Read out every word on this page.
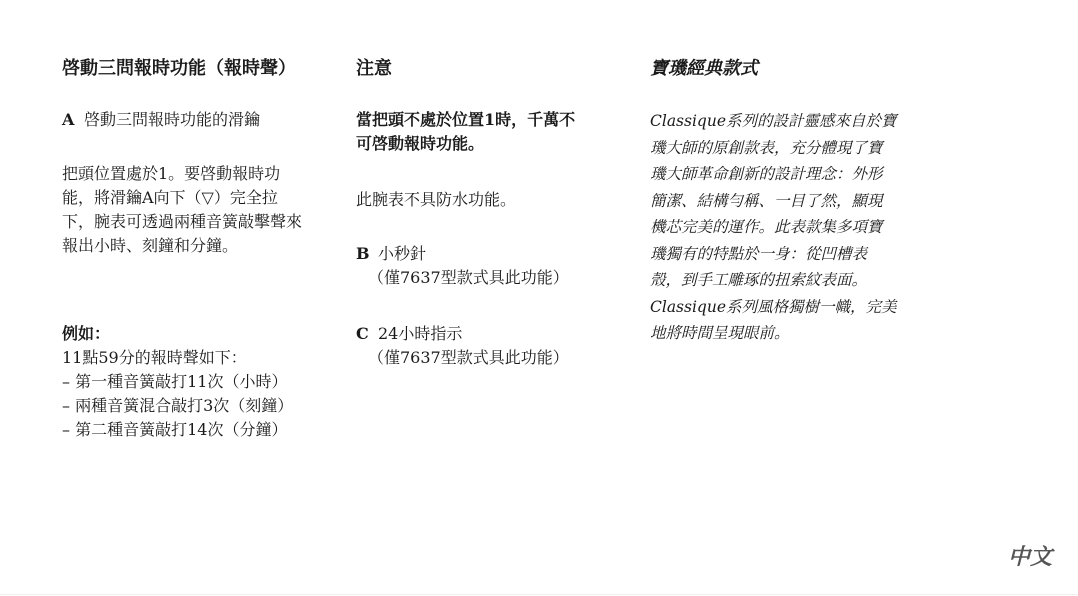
啓動三問報時功能（報時聲）
A 啓動三問報時功能的滑鑰
把頭位置處於1。要啓動報時功
能，將滑鑰A向下（▽）完全拉
下，腕表可透過兩種音簧敲擊聲來
報出小時、刻鐘和分鐘。
例如：
11點59分的報時聲如下：
– 第一種音簧敲打11次（小時）
– 兩種音簧混合敲打3次（刻鐘）
– 第二種音簧敲打14次（分鐘）
注意
當把頭不處於位置1時，千萬不
可啓動報時功能。
此腕表不具防水功能。
B 小秒針
（僅7637型款式具此功能）
C 24小時指示
（僅7637型款式具此功能）
寶璣經典款式
Classique系列的設計靈感來自於寶
璣大師的原創款表，充分體現了寶
璣大師革命創新的設計理念：外形
簡潔、結構勻稱、一目了然，顯現
機芯完美的運作。此表款集多項寶
璣獨有的特點於一身：從凹槽表
殼，到手工雕琢的扭索紋表面。
Classique系列風格獨樹一幟，完美
地將時間呈現眼前。
中文
